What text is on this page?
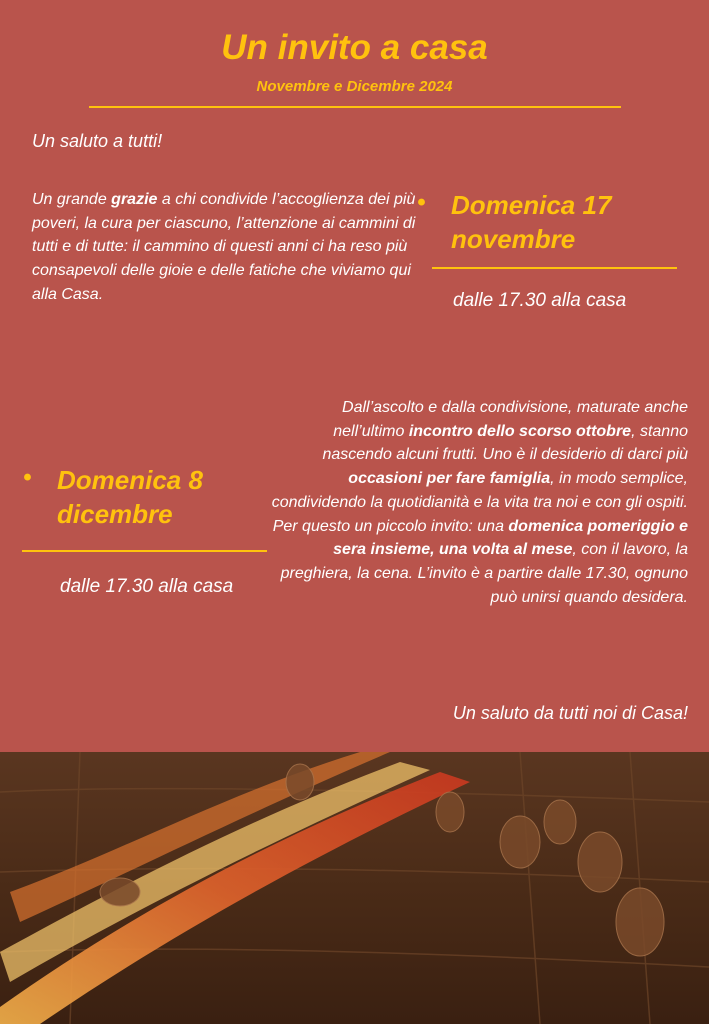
Un invito a casa
Novembre e Dicembre 2024
Un saluto a tutti!
Un grande grazie a chi condivide l’accoglienza dei più poveri, la cura per ciascuno, l’attenzione ai cammini di tutti e di tutte: il cammino di questi anni ci ha reso più consapevoli delle gioie e delle fatiche che viviamo qui alla Casa.
• Domenica 17
novembre
dalle 17.30 alla casa
Dall’ascolto e dalla condivisione, maturate anche nell’ultimo incontro dello scorso ottobre, stanno nascendo alcuni frutti. Uno è il desiderio di darci più occasioni per fare famiglia, in modo semplice, condividendo la quotidianità e la vita tra noi e con gli ospiti. Per questo un piccolo invito: una domenica pomeriggio e sera insieme, una volta al mese, con il lavoro, la preghiera, la cena. L’invito è a partire dalle 17.30, ognuno può unirsi quando desidera.
• Domenica 8
dicembre
dalle 17.30 alla casa
Un saluto da tutti noi di Casa!
